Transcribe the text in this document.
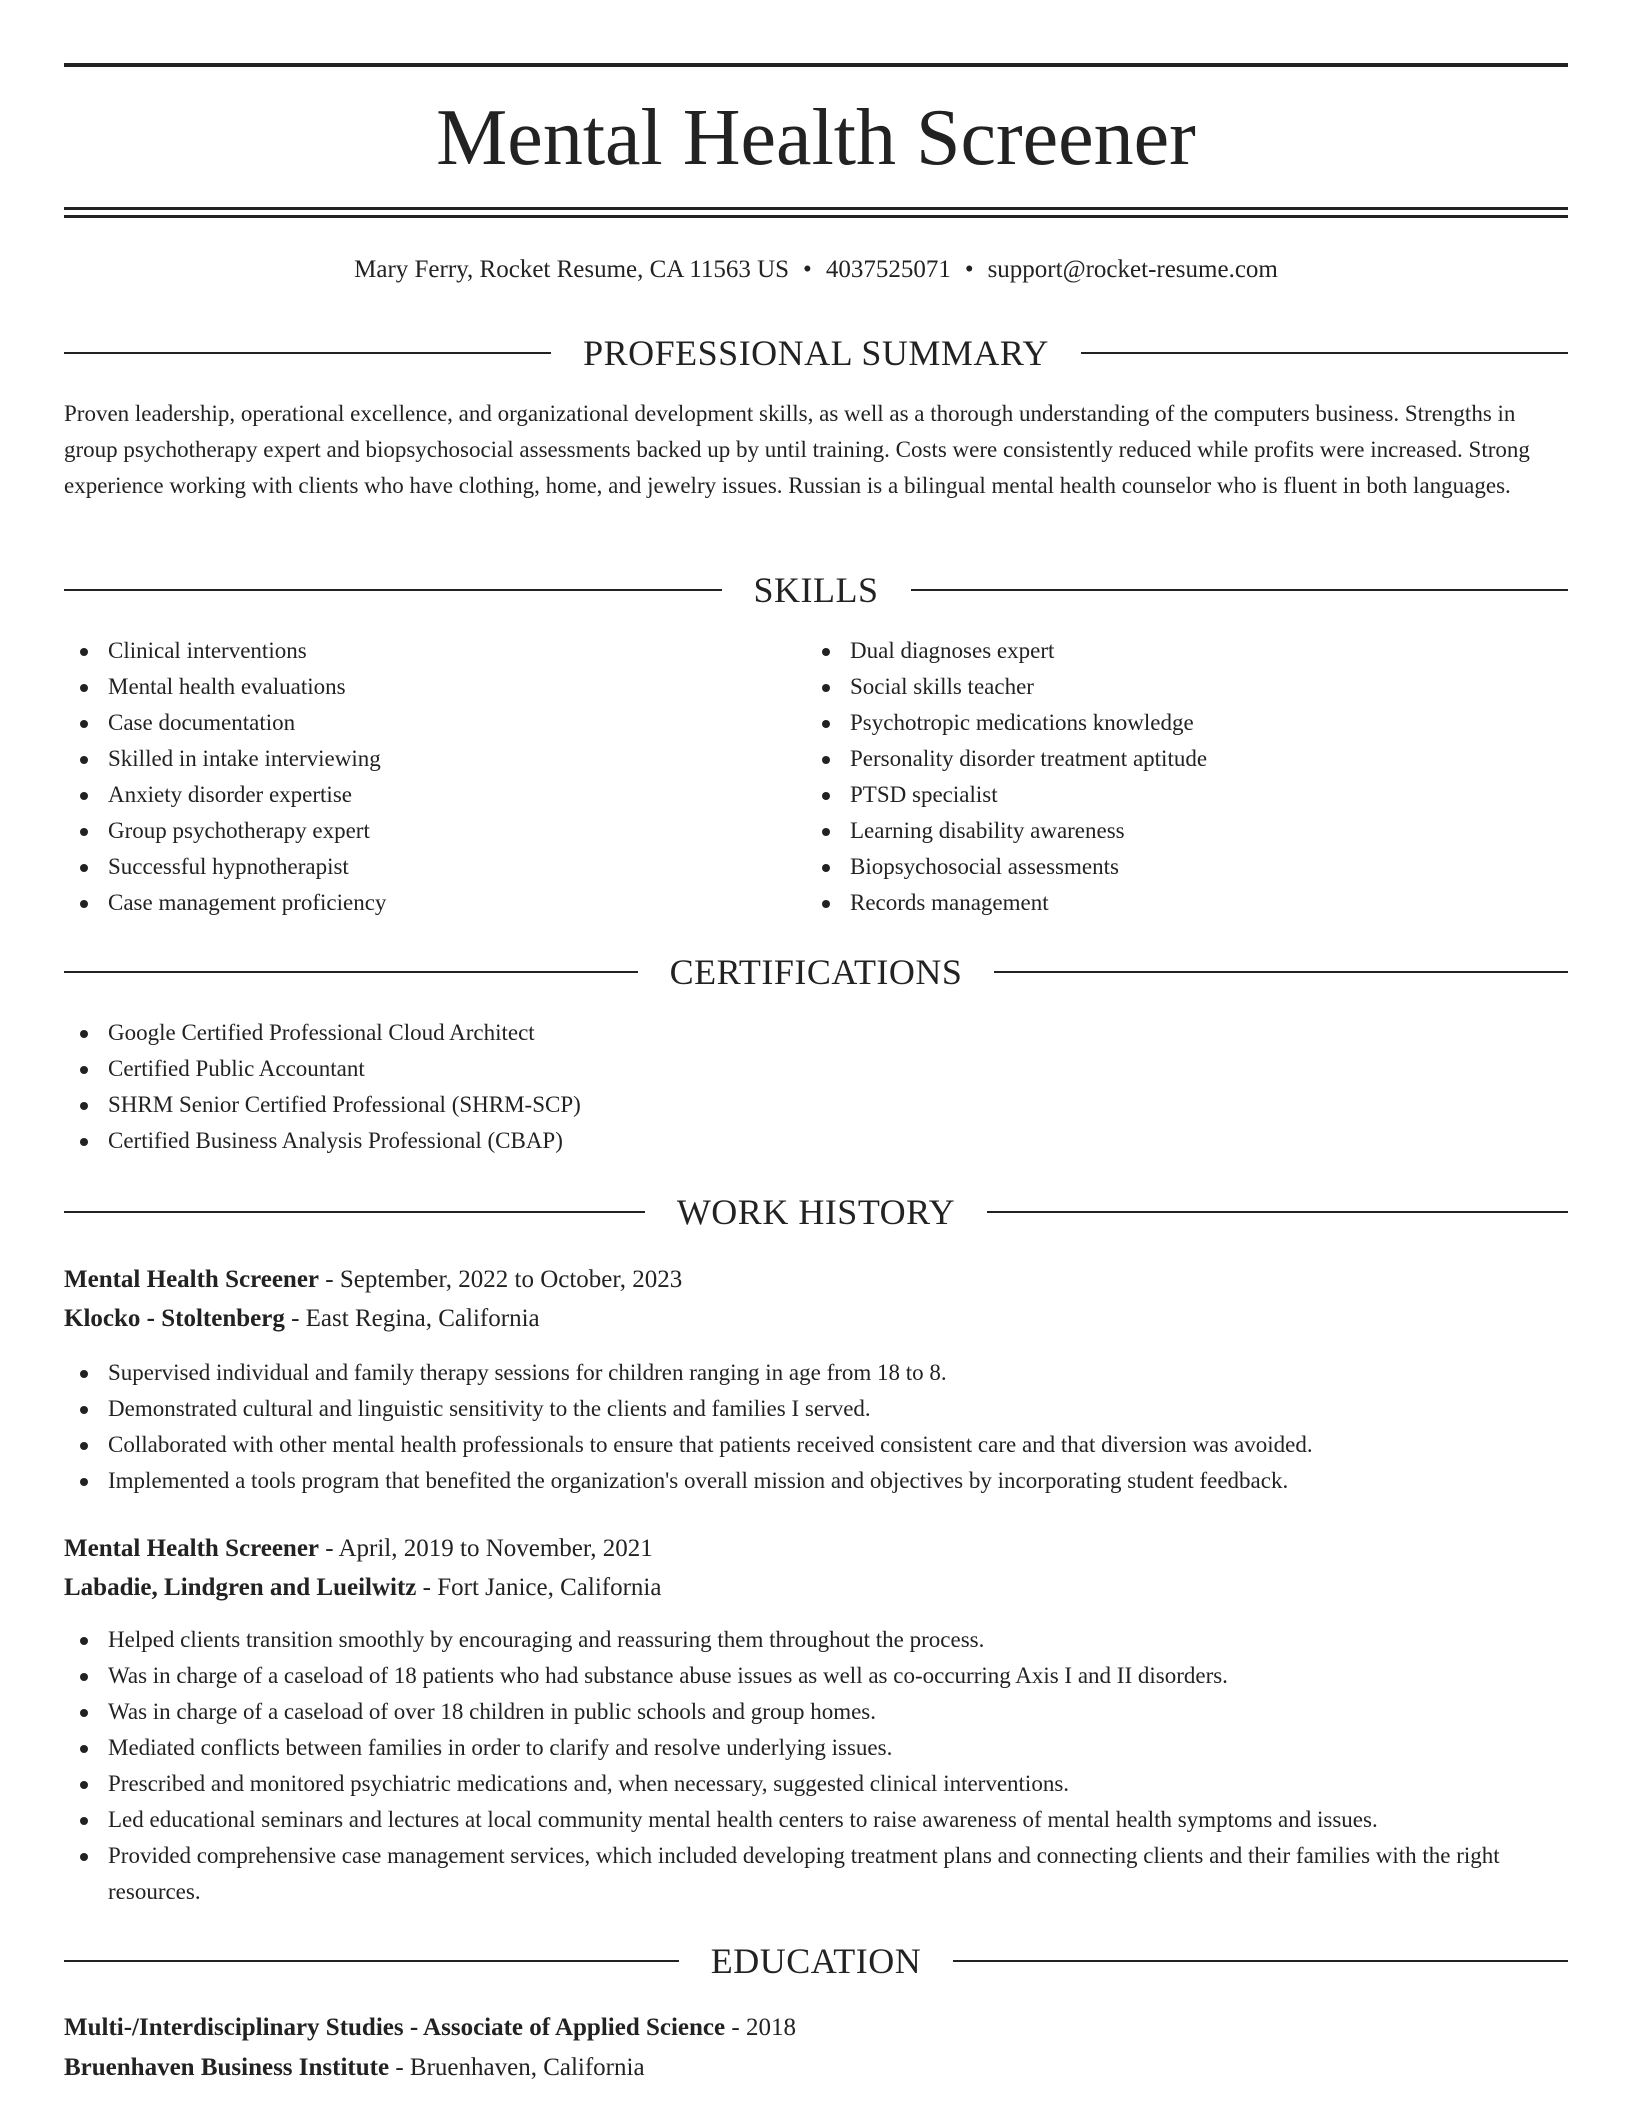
Mental Health Screener
Mary Ferry, Rocket Resume, CA 11563 US • 4037525071 • support@rocket-resume.com
PROFESSIONAL SUMMARY
Proven leadership, operational excellence, and organizational development skills, as well as a thorough understanding of the computers business. Strengths in group psychotherapy expert and biopsychosocial assessments backed up by until training. Costs were consistently reduced while profits were increased. Strong experience working with clients who have clothing, home, and jewelry issues. Russian is a bilingual mental health counselor who is fluent in both languages.
SKILLS
Clinical interventions
Mental health evaluations
Case documentation
Skilled in intake interviewing
Anxiety disorder expertise
Group psychotherapy expert
Successful hypnotherapist
Case management proficiency
Dual diagnoses expert
Social skills teacher
Psychotropic medications knowledge
Personality disorder treatment aptitude
PTSD specialist
Learning disability awareness
Biopsychosocial assessments
Records management
CERTIFICATIONS
Google Certified Professional Cloud Architect
Certified Public Accountant
SHRM Senior Certified Professional (SHRM-SCP)
Certified Business Analysis Professional (CBAP)
WORK HISTORY
Mental Health Screener - September, 2022 to October, 2023
Klocko - Stoltenberg - East Regina, California
Supervised individual and family therapy sessions for children ranging in age from 18 to 8.
Demonstrated cultural and linguistic sensitivity to the clients and families I served.
Collaborated with other mental health professionals to ensure that patients received consistent care and that diversion was avoided.
Implemented a tools program that benefited the organization's overall mission and objectives by incorporating student feedback.
Mental Health Screener - April, 2019 to November, 2021
Labadie, Lindgren and Lueilwitz - Fort Janice, California
Helped clients transition smoothly by encouraging and reassuring them throughout the process.
Was in charge of a caseload of 18 patients who had substance abuse issues as well as co-occurring Axis I and II disorders.
Was in charge of a caseload of over 18 children in public schools and group homes.
Mediated conflicts between families in order to clarify and resolve underlying issues.
Prescribed and monitored psychiatric medications and, when necessary, suggested clinical interventions.
Led educational seminars and lectures at local community mental health centers to raise awareness of mental health symptoms and issues.
Provided comprehensive case management services, which included developing treatment plans and connecting clients and their families with the right resources.
EDUCATION
Multi-/Interdisciplinary Studies - Associate of Applied Science - 2018
Bruenhaven Business Institute - Bruenhaven, California
